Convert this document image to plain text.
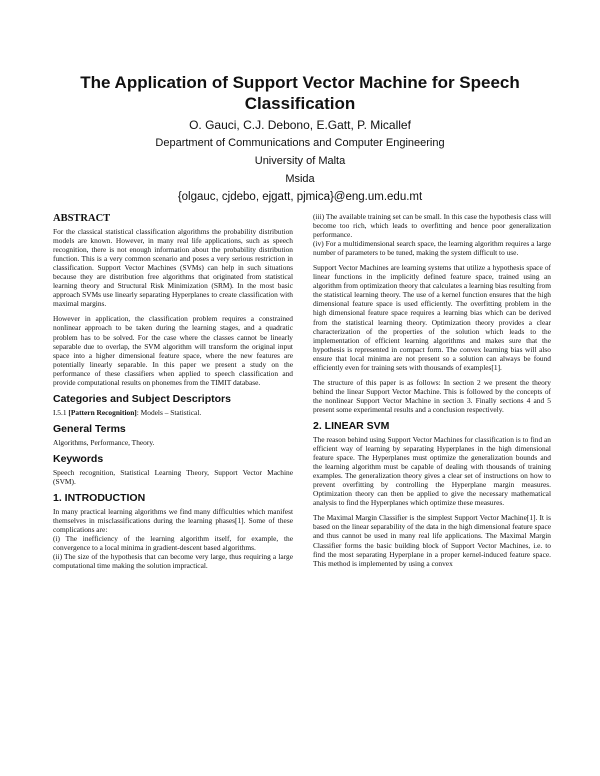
The Application of Support Vector Machine for Speech Classification
O. Gauci, C.J. Debono, E.Gatt, P. Micallef
Department of Communications and Computer Engineering
University of Malta
Msida
{olgauc, cjdebo, ejgatt, pjmica}@eng.um.edu.mt
ABSTRACT

For the classical statistical classification algorithms the probability distribution models are known. However, in many real life applications, such as speech recognition, there is not enough information about the probability distribution function. This is a very common scenario and poses a very serious restriction in classification. Support Vector Machines (SVMs) can help in such situations because they are distribution free algorithms that originated from statistical learning theory and Structural Risk Minimization (SRM). In the most basic approach SVMs use linearly separating Hyperplanes to create classification with maximal margins.

However in application, the classification problem requires a constrained nonlinear approach to be taken during the learning stages, and a quadratic problem has to be solved. For the case where the classes cannot be linearly separable due to overlap, the SVM algorithm will transform the original input space into a higher dimensional feature space, where the new features are potentially linearly separable. In this paper we present a study on the performance of these classifiers when applied to speech classification and provide computational results on phonemes from the TIMIT database.

Categories and Subject Descriptors

I.5.1 [Pattern Recognition]: Models – Statistical.

General Terms

Algorithms, Performance, Theory.

Keywords

Speech recognition, Statistical Learning Theory, Support Vector Machine (SVM).

1. INTRODUCTION

In many practical learning algorithms we find many difficulties which manifest themselves in misclassifications during the learning phases[1]. Some of these complications are:

(i) The inefficiency of the learning algorithm itself, for example, the convergence to a local minima in gradient-descent based algorithms.

(ii) The size of the hypothesis that can become very large, thus requiring a large computational time making the solution impractical.

(iii) The available training set can be small. In this case the hypothesis class will become too rich, which leads to overfitting and hence poor generalization performance.

(iv) For a multidimensional search space, the learning algorithm requires a large number of parameters to be tuned, making the system difficult to use.

Support Vector Machines are learning systems that utilize a hypothesis space of linear functions in the implicitly defined feature space, trained using an algorithm from optimization theory that calculates a learning bias resulting from the statistical learning theory. The use of a kernel function ensures that the high dimensional feature space is used efficiently. The overfitting problem in the high dimensional feature space requires a learning bias which can be derived from the statistical learning theory. Optimization theory provides a clear characterization of the properties of the solution which leads to the implementation of efficient learning algorithms and makes sure that the hypothesis is represented in compact form. The convex learning bias will also ensure that local minima are not present so a solution can always be found efficiently even for training sets with thousands of examples[1].

The structure of this paper is as follows: In section 2 we present the theory behind the linear Support Vector Machine. This is followed by the concepts of the nonlinear Support Vector Machine in section 3. Finally sections 4 and 5 present some experimental results and a conclusion respectively.

2. LINEAR SVM

The reason behind using Support Vector Machines for classification is to find an efficient way of learning by separating Hyperplanes in the high dimensional feature space. The Hyperplanes must optimize the generalization bounds and the learning algorithm must be capable of dealing with thousands of training examples. The generalization theory gives a clear set of instructions on how to prevent overfitting by controlling the Hyperplane margin measures. Optimization theory can then be applied to give the necessary mathematical analysis to find the Hyperplanes which optimize these measures.

The Maximal Margin Classifier is the simplest Support Vector Machine[1]. It is based on the linear separability of the data in the high dimensional feature space and thus cannot be used in many real life applications. The Maximal Margin Classifier forms the basic building block of Support Vector Machines, i.e. to find the most separating Hyperplane in a proper kernel-induced feature space. This method is implemented by using a convex
